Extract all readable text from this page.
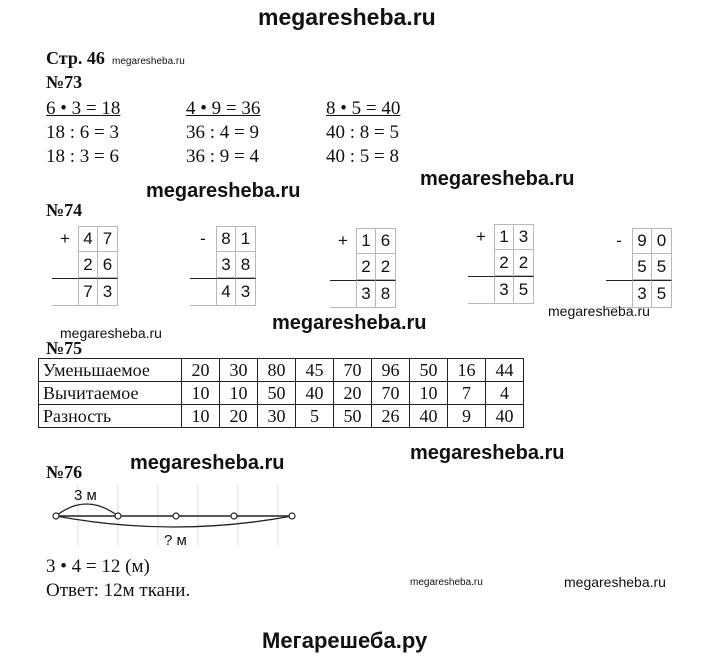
megaresheba.ru
Стр. 46 megaresheba.ru
№73
6 • 3 = 18	4 • 9 = 36	8 • 5 = 40
18 : 6 = 3	36 : 4 = 9	40 : 8 = 5
18 : 3 = 6	36 : 9 = 4	40 : 5 = 8
megaresheba.ru
megaresheba.ru
№74
+ 4 7
2 6
7 3
- 8 1
3 8
4 3
+ 1 6
2 2
3 8
+ 1 3
2 2
3 5
- 9 0
5 5
3 5
megaresheba.ru
megaresheba.ru	megaresheba.ru
№75
Уменьшаемое	20	30	80	45	70	96	50	16	44
Вычитаемое	10	10	50	40	20	70	10	7	4
Разность	10	20	30	5	50	26	40	9	40
№76 megaresheba.ru	megaresheba.ru
3 м
? м
3 • 4 = 12 (м)
Ответ: 12м ткани.	megaresheba.ru	megaresheba.ru
Мегарешеба.ру
